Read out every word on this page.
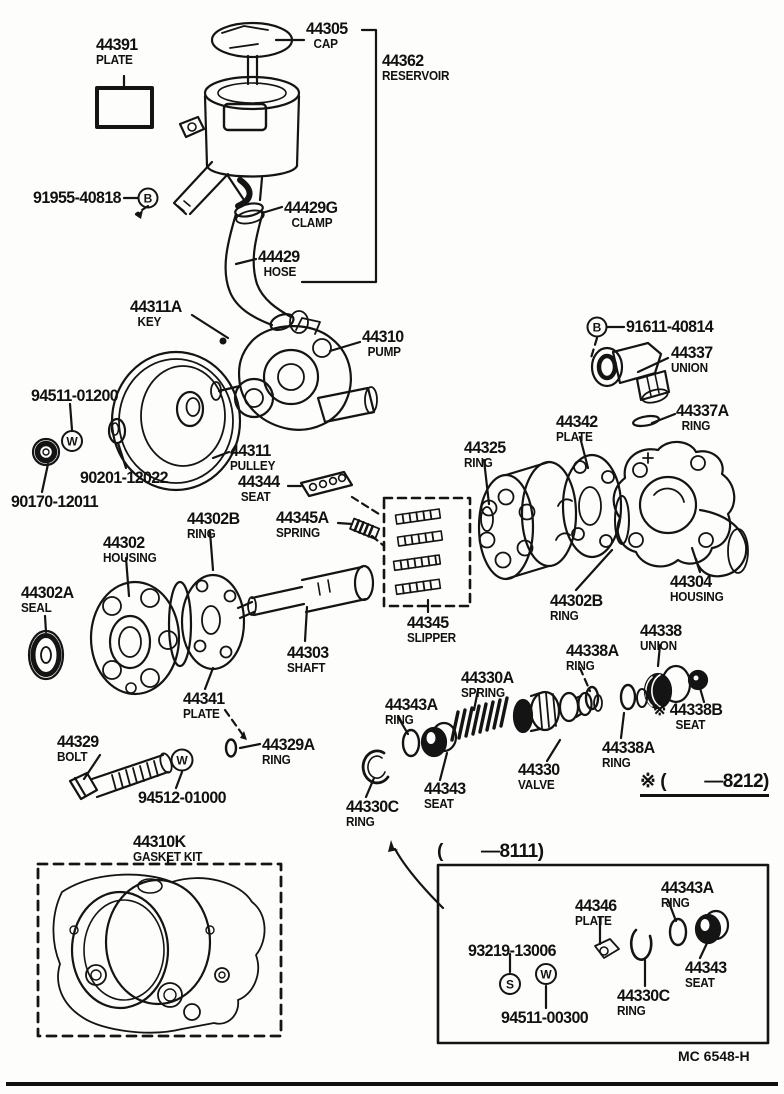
B
B
W
W
W
S
44391
PLATE
44305
CAP
44362
RESERVOIR
91955-40818
44429G
CLAMP
44429
HOSE
44311A
KEY
44310
PUMP
91611-40814
44337
UNION
44337A
RING
94511-01200
44311
PULLEY
90201-12022
90170-12011
44344
SEAT
44345A
SPRING
44302B
RING
44302
HOUSING
44302A
SEAL
44325
RING
44342
PLATE
44304
HOUSING
44302B
RING
44345
SLIPPER
44303
SHAFT
44341
PLATE
44338A
RING
44338
UNION
※ 44338B
SEAT
44330A
SPRING
44343A
RING
44330
VALVE
44338A
RING
44329
BOLT
44329A
RING
94512-01000	44343
SEAT
44330C
RING
44310K
GASKET KIT
44346
PLATE
44343A
RING
93219-13006
94511-00300
44330C
RING
44343
SEAT
※ (        —8212)
(        —8111)
MC 6548-H
